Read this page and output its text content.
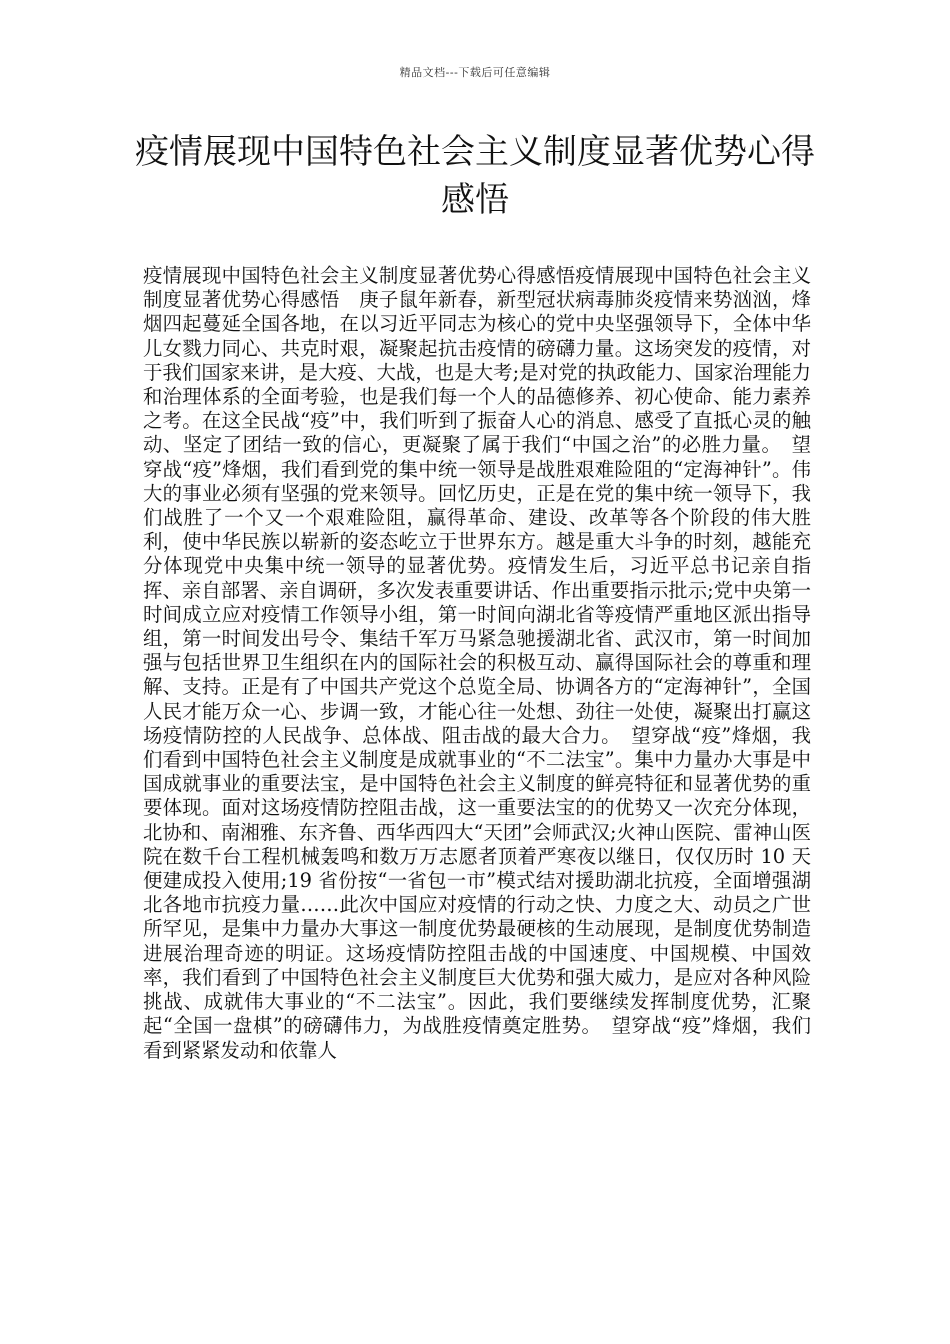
精品文档---下载后可任意编辑
疫情展现中国特色社会主义制度显著优势心得感悟

疫情展现中国特色社会主义制度显著优势心得感悟疫情展现中国特色社会主义制度显著优势心得感悟　庚子鼠年新春，新型冠状病毒肺炎疫情来势汹汹，烽烟四起蔓延全国各地，在以习近平同志为核心的党中央坚强领导下，全体中华儿女戮力同心、共克时艰，凝聚起抗击疫情的磅礴力量。这场突发的疫情，对于我们国家来讲，是大疫、大战，也是大考;是对党的执政能力、国家治理能力和治理体系的全面考验，也是我们每一个人的品德修养、初心使命、能力素养之考。在这全民战“疫”中，我们听到了振奋人心的消息、感受了直抵心灵的触动、坚定了团结一致的信心，更凝聚了属于我们“中国之治”的必胜力量。　望穿战“疫”烽烟，我们看到党的集中统一领导是战胜艰难险阻的“定海神针”。伟大的事业必须有坚强的党来领导。回忆历史，正是在党的集中统一领导下，我们战胜了一个又一个艰难险阻，赢得革命、建设、改革等各个阶段的伟大胜利，使中华民族以崭新的姿态屹立于世界东方。越是重大斗争的时刻，越能充分体现党中央集中统一领导的显著优势。疫情发生后，习近平总书记亲自指挥、亲自部署、亲自调研，多次发表重要讲话、作出重要指示批示;党中央第一时间成立应对疫情工作领导小组，第一时间向湖北省等疫情严重地区派出指导组，第一时间发出号令、集结千军万马紧急驰援湖北省、武汉市，第一时间加强与包括世界卫生组织在内的国际社会的积极互动、赢得国际社会的尊重和理解、支持。正是有了中国共产党这个总览全局、协调各方的“定海神针”，全国人民才能万众一心、步调一致，才能心往一处想、劲往一处使，凝聚出打赢这场疫情防控的人民战争、总体战、阻击战的最大合力。　望穿战“疫”烽烟，我们看到中国特色社会主义制度是成就事业的“不二法宝”。集中力量办大事是中国成就事业的重要法宝，是中国特色社会主义制度的鲜亮特征和显著优势的重要体现。面对这场疫情防控阻击战，这一重要法宝的的优势又一次充分体现，北协和、南湘雅、东齐鲁、西华西四大“天团”会师武汉;火神山医院、雷神山医院在数千台工程机械轰鸣和数万万志愿者顶着严寒夜以继日，仅仅历时 10 天便建成投入使用;19 省份按“一省包一市”模式结对援助湖北抗疫，全面增强湖北各地市抗疫力量……此次中国应对疫情的行动之快、力度之大、动员之广世所罕见，是集中力量办大事这一制度优势最硬核的生动展现，是制度优势制造进展治理奇迹的明证。这场疫情防控阻击战的中国速度、中国规模、中国效率，我们看到了中国特色社会主义制度巨大优势和强大威力，是应对各种风险挑战、成就伟大事业的“不二法宝”。因此，我们要继续发挥制度优势，汇聚起“全国一盘棋”的磅礴伟力，为战胜疫情奠定胜势。　望穿战“疫”烽烟，我们看到紧紧发动和依靠人
